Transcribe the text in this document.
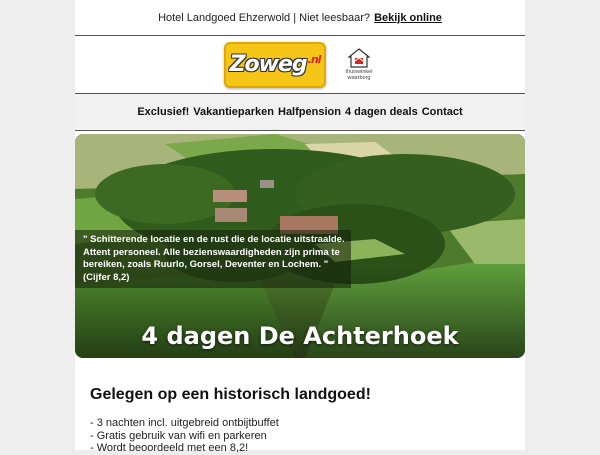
Hotel Landgoed Ehzerwold | Niet leesbaar? Bekijk online
Zoweg .nl
thuiswinkel
waarborg
Exclusief! Vakantieparken Halfpension 4 dagen deals Contact
" Schitterende locatie en de rust die de locatie uitstraalde. Attent personeel. Alle bezienswaardigheden zijn prima te bereiken, zoals Ruurlo, Gorsel, Deventer en Lochem. " (Cijfer 8,2)
4 dagen De Achterhoek
Gelegen op een historisch landgoed!
- 3 nachten incl. uitgebreid ontbijtbuffet
- Gratis gebruik van wifi en parkeren
- Wordt beoordeeld met een 8,2!
